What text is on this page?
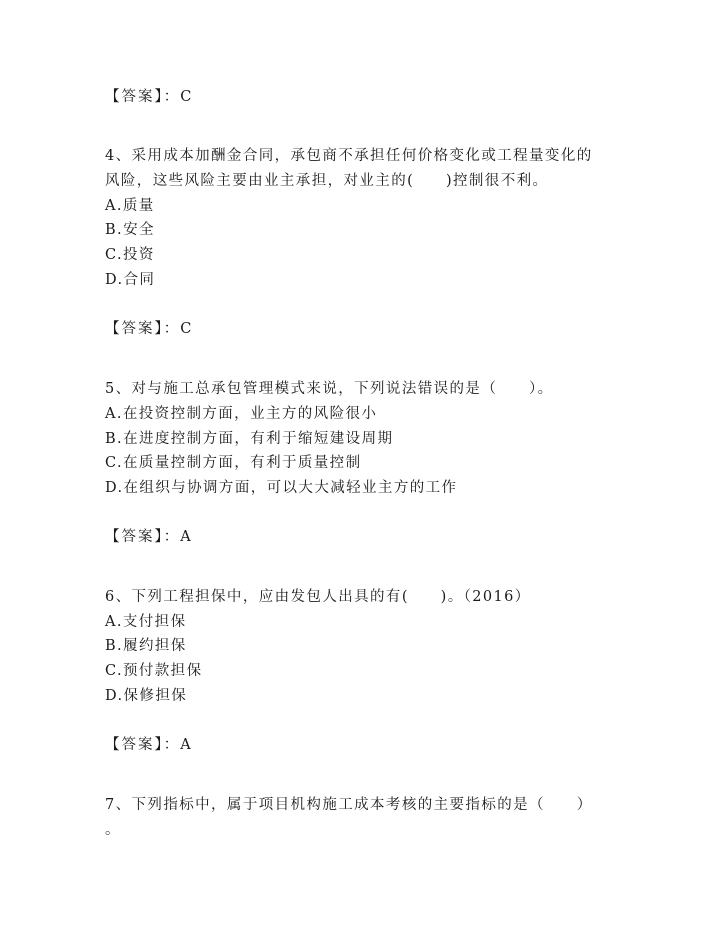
【答案】：C
4、采用成本加酬金合同，承包商不承担任何价格变化或工程量变化的
风险，这些风险主要由业主承担，对业主的(　　)控制很不利。
A.质量
B.安全
C.投资
D.合同
【答案】：C
5、对与施工总承包管理模式来说，下列说法错误的是（　　）。
A.在投资控制方面，业主方的风险很小
B.在进度控制方面，有利于缩短建设周期
C.在质量控制方面，有利于质量控制
D.在组织与协调方面，可以大大减轻业主方的工作
【答案】：A
6、下列工程担保中，应由发包人出具的有(　　)。（2016）
A.支付担保
B.履约担保
C.预付款担保
D.保修担保
【答案】：A
7、下列指标中，属于项目机构施工成本考核的主要指标的是（　　）
。
